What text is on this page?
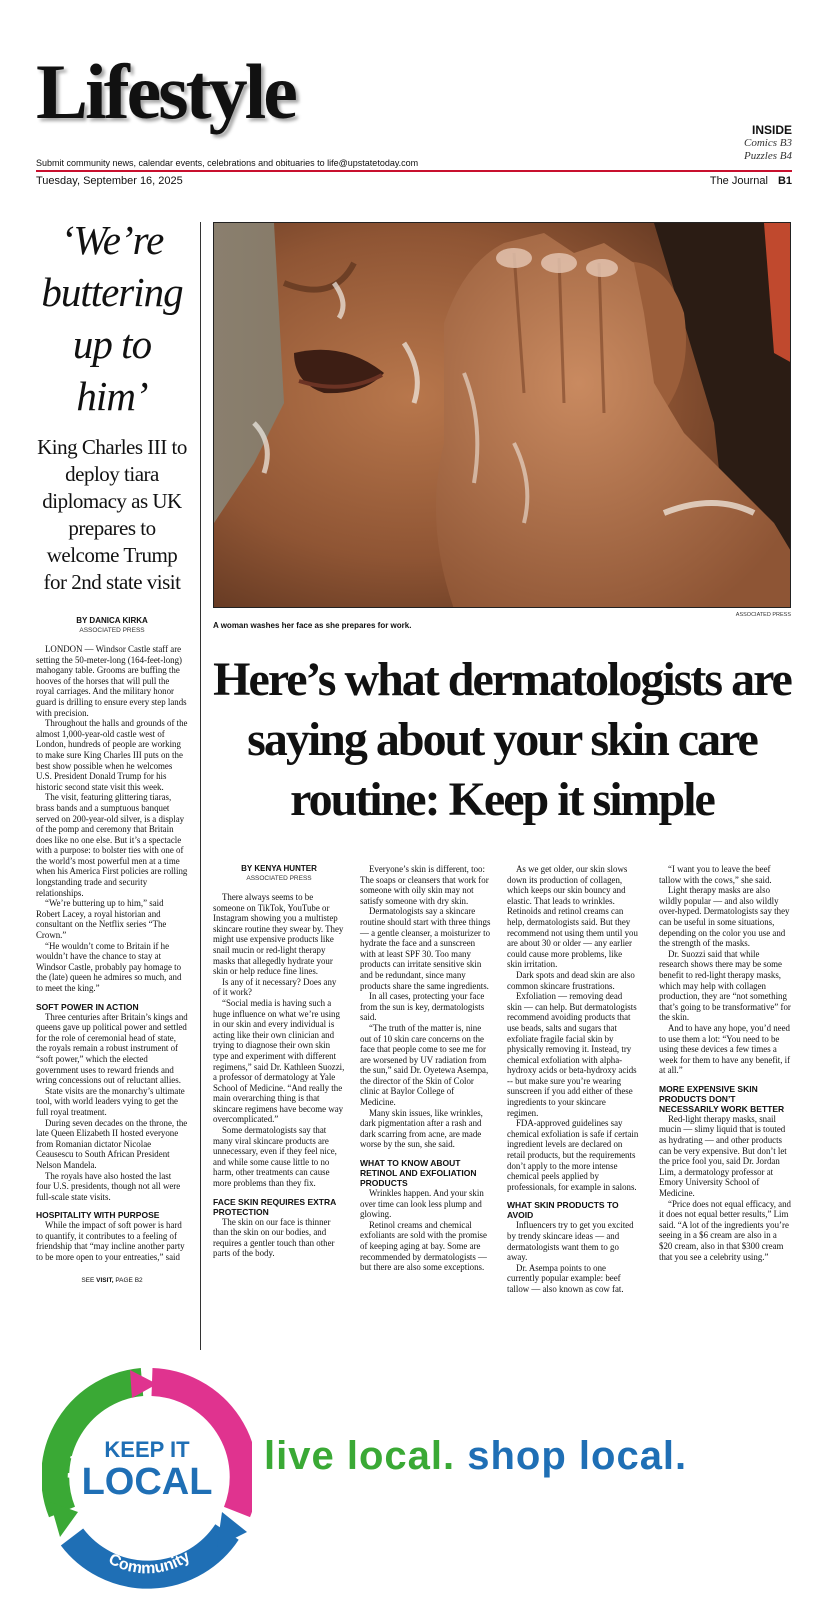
Lifestyle	INSIDE
Comics B3
Puzzles B4
Submit community news, calendar events, celebrations and obituaries to life@upstatetoday.com
Tuesday, September 16, 2025	The Journal B1
‘We’re buttering up to him’
King Charles III to deploy tiara diplomacy as UK prepares to welcome Trump for 2nd state visit
BY DANICA KIRKA
ASSOCIATED PRESS

LONDON — Windsor Castle staff are setting the 50-meter-long (164-feet-long) mahogany table. Grooms are buffing the hooves of the horses that will pull the royal carriages. And the military honor guard is drilling to ensure every step lands with precision.

Throughout the halls and grounds of the almost 1,000-year-old castle west of London, hundreds of people are working to make sure King Charles III puts on the best show possible when he welcomes U.S. President Donald Trump for his historic second state visit this week.

The visit, featuring glittering tiaras, brass bands and a sumptuous banquet served on 200-year-old silver, is a display of the pomp and ceremony that Britain does like no one else. But it’s a spectacle with a purpose: to bolster ties with one of the world’s most powerful men at a time when his America First policies are rolling longstanding trade and security relationships.

“We’re buttering up to him,” said Robert Lacey, a royal historian and consultant on the Netflix series “The Crown.”

“He wouldn’t come to Britain if he wouldn’t have the chance to stay at Windsor Castle, probably pay homage to the (late) queen he admires so much, and to meet the king.”

SOFT POWER IN ACTION

Three centuries after Britain’s kings and queens gave up political power and settled for the role of ceremonial head of state, the royals remain a robust instrument of “soft power,” which the elected government uses to reward friends and wring concessions out of reluctant allies.

State visits are the monarchy’s ultimate tool, with world leaders vying to get the full royal treatment.

During seven decades on the throne, the late Queen Elizabeth II hosted everyone from Romanian dictator Nicolae Ceausescu to South African President Nelson Mandela.

The royals have also hosted the last four U.S. presidents, though not all were full-scale state visits.

HOSPITALITY WITH PURPOSE

While the impact of soft power is hard to quantify, it contributes to a feeling of friendship that “may incline another party to be more open to your entreaties,” said

SEE VISIT, PAGE B2
ASSOCIATED PRESS
A woman washes her face as she prepares for work.
Here’s what dermatologists are saying about your skin care routine: Keep it simple
BY KENYA HUNTER
ASSOCIATED PRESS

There always seems to be someone on TikTok, YouTube or Instagram showing you a multistep skincare routine they swear by. They might use expensive products like snail mucin or red-light therapy masks that allegedly hydrate your skin or help reduce fine lines.

Is any of it necessary? Does any of it work?

“Social media is having such a huge influence on what we’re using in our skin and every individual is acting like their own clinician and trying to diagnose their own skin type and experiment with different regimens,” said Dr. Kathleen Suozzi, a professor of dermatology at Yale School of Medicine. “And really the main overarching thing is that skincare regimens have become way overcomplicated.”

Some dermatologists say that many viral skincare products are unnecessary, even if they feel nice, and while some cause little to no harm, other treatments can cause more problems than they fix.

FACE SKIN REQUIRES EXTRA PROTECTION

The skin on our face is thinner than the skin on our bodies, and requires a gentler touch than other parts of the body.

Everyone’s skin is different, too: The soaps or cleansers that work for someone with oily skin may not satisfy someone with dry skin.

Dermatologists say a skincare routine should start with three things — a gentle cleanser, a moisturizer to hydrate the face and a sunscreen with at least SPF 30. Too many products can irritate sensitive skin and be redundant, since many products share the same ingredients.

In all cases, protecting your face from the sun is key, dermatologists said.

“The truth of the matter is, nine out of 10 skin care concerns on the face that people come to see me for are worsened by UV radiation from the sun,” said Dr. Oyetewa Asempa, the director of the Skin of Color clinic at Baylor College of Medicine.

Many skin issues, like wrinkles, dark pigmentation after a rash and dark scarring from acne, are made worse by the sun, she said.

WHAT TO KNOW ABOUT RETINOL AND EXFOLIATION PRODUCTS

Wrinkles happen. And your skin over time can look less plump and glowing.

Retinol creams and chemical exfoliants are sold with the promise of keeping aging at bay. Some are recommended by dermatologists — but there are also some exceptions.

As we get older, our skin slows down its production of collagen, which keeps our skin bouncy and elastic. That leads to wrinkles. Retinoids and retinol creams can help, dermatologists said. But they recommend not using them until you are about 30 or older — any earlier could cause more problems, like skin irritation.

Dark spots and dead skin are also common skincare frustrations.

Exfoliation — removing dead skin — can help. But dermatologists recommend avoiding products that use beads, salts and sugars that exfoliate fragile facial skin by physically removing it. Instead, try chemical exfoliation with alpha-hydroxy acids or beta-hydroxy acids -- but make sure you’re wearing sunscreen if you add either of these ingredients to your skincare regimen.

FDA-approved guidelines say chemical exfoliation is safe if certain ingredient levels are declared on retail products, but the requirements don’t apply to the more intense chemical peels applied by professionals, for example in salons.

WHAT SKIN PRODUCTS TO AVOID

Influencers try to get you excited by trendy skincare ideas — and dermatologists want them to go away.

Dr. Asempa points to one currently popular example: beef tallow — also known as cow fat.

“I want you to leave the beef tallow with the cows,” she said.

Light therapy masks are also wildly popular — and also wildly over-hyped. Dermatologists say they can be useful in some situations, depending on the color you use and the strength of the masks.

Dr. Suozzi said that while research shows there may be some benefit to red-light therapy masks, which may help with collagen production, they are “not something that’s going to be transformative” for the skin.

And to have any hope, you’d need to use them a lot: “You need to be using these devices a few times a week for them to have any benefit, if at all.”

MORE EXPENSIVE SKIN PRODUCTS DON’T NECESSARILY WORK BETTER

Red-light therapy masks, snail mucin — slimy liquid that is touted as hydrating — and other products can be very expensive. But don’t let the price fool you, said Dr. Jordan Lim, a dermatology professor at Emory University School of Medicine.

“Price does not equal efficacy, and it does not equal better results,” Lim said. “A lot of the ingredients you’re seeing in a $6 cream are also in a $20 cream, also in that $300 cream that you see a celebrity using.”

Jobs
Business
Community
KEEP IT
LOCAL
live local. shop local.
